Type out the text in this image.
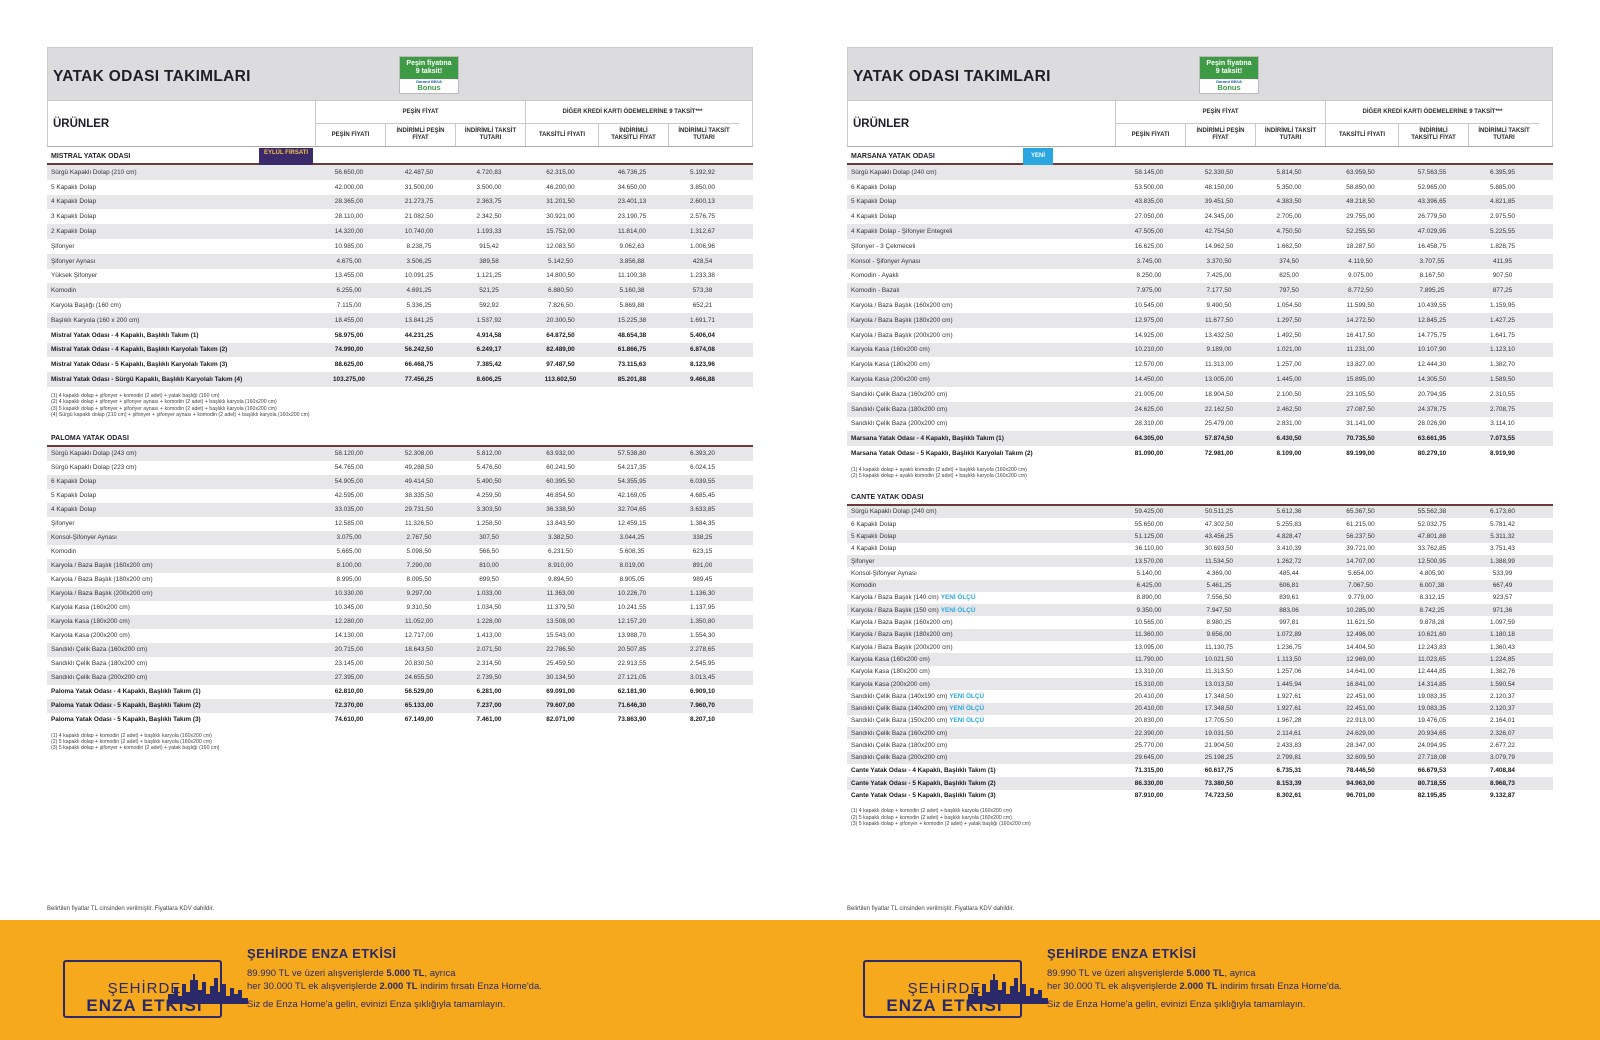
YATAK ODASI TAKIMLARI
Peşin fiyatına
9 taksit!
Garanti BBVA
Bonus
ÜRÜNLER
PEŞİN FİYAT	DİĞER KREDİ KARTI ÖDEMELERİNE 9 TAKSİT***
PEŞİN FİYATI
İNDİRİMLİ PEŞİN FİYAT
İNDİRİMLİ TAKSİT TUTARI
TAKSİTLİ FİYATI
İNDİRİMLİ TAKSİTLİ FİYAT
İNDİRİMLİ TAKSİT TUTARI
MISTRAL YATAK ODASI	EYLÜL FIRSATI
Sürgü Kapaklı Dolap (210 cm)	56.650,00	42.487,50	4.720,83	62.315,00	46.736,25	5.192,92
5 Kapaklı Dolap	42.000,00	31.500,00	3.500,00	46.200,00	34.650,00	3.850,00
4 Kapaklı Dolap	28.365,00	21.273,75	2.363,75	31.201,50	23.401,13	2.600,13
3 Kapaklı Dolap	28.110,00	21.082,50	2.342,50	30.921,00	23.190,75	2.576,75
2 Kapaklı Dolap	14.320,00	10.740,00	1.193,33	15.752,00	11.814,00	1.312,67
Şifonyer	10.985,00	8.238,75	915,42	12.083,50	9.062,63	1.006,96
Şifonyer Aynası	4.675,00	3.506,25	389,58	5.142,50	3.856,88	428,54
Yüksek Şifonyer	13.455,00	10.091,25	1.121,25	14.800,50	11.100,38	1.233,38
Komodin	6.255,00	4.691,25	521,25	6.880,50	5.160,38	573,38
Karyola Başlığı (160 cm)	7.115,00	5.336,25	592,92	7.826,50	5.869,88	652,21
Başlıklı Karyola (160 x 200 cm)	18.455,00	13.841,25	1.537,92	20.300,50	15.225,38	1.691,71
Mistral Yatak Odası - 4 Kapaklı, Başlıklı Takım (1)	58.975,00	44.231,25	4.914,58	64.872,50	48.654,38	5.406,04
Mistral Yatak Odası - 4 Kapaklı, Başlıklı Karyolalı Takım (2)	74.990,00	56.242,50	6.249,17	82.489,00	61.866,75	6.874,08
Mistral Yatak Odası - 5 Kapaklı, Başlıklı Karyolalı Takım (3)	88.625,00	66.468,75	7.385,42	97.487,50	73.115,63	8.123,96
Mistral Yatak Odası - Sürgü Kapaklı, Başlıklı Karyolalı Takım (4)	103.275,00	77.456,25	8.606,25	113.602,50	85.201,88	9.466,88
(1) 4 kapaklı dolap + şifonyer + komodin (2 adet) + yatak başlığı (160 cm)
(2) 4 kapaklı dolap + şifonyer + şifonyer aynası + komodin (2 adet) + başlıklı karyola (160x200 cm)
(3) 5 kapaklı dolap + şifonyer + şifonyer aynası + komodin (2 adet) + başlıklı karyola (160x200 cm)
(4) Sürgü kapaklı dolap (210 cm) + şifonyer + şifonyer aynası + komodin (2 adet) + başlıklı karyola (160x200 cm)
PALOMA YATAK ODASI
Sürgü Kapaklı Dolap (243 cm)	58.120,00	52.308,00	5.812,00	63.932,00	57.538,80	6.393,20
Sürgü Kapaklı Dolap (223 cm)	54.765,00	49.288,50	5.476,50	60.241,50	54.217,35	6.024,15
6 Kapaklı Dolap	54.905,00	49.414,50	5.490,50	60.395,50	54.355,95	6.039,55
5 Kapaklı Dolap	42.595,00	38.335,50	4.259,50	46.854,50	42.169,05	4.685,45
4 Kapaklı Dolap	33.035,00	29.731,50	3.303,50	36.338,50	32.704,65	3.633,85
Şifonyer	12.585,00	11.326,50	1.258,50	13.843,50	12.459,15	1.384,35
Konsol-Şifonyer Aynası	3.075,00	2.767,50	307,50	3.382,50	3.044,25	338,25
Komodin	5.665,00	5.098,50	566,50	6.231,50	5.608,35	623,15
Karyola / Baza Başlık (160x200 cm)	8.100,00	7.290,00	810,00	8.910,00	8.019,00	891,00
Karyola / Baza Başlık (180x200 cm)	8.995,00	8.095,50	899,50	9.894,50	8.905,05	989,45
Karyola / Baza Başlık (200x200 cm)	10.330,00	9.297,00	1.033,00	11.363,00	10.226,70	1.136,30
Karyola Kasa (160x200 cm)	10.345,00	9.310,50	1.034,50	11.379,50	10.241,55	1.137,95
Karyola Kasa (180x200 cm)	12.280,00	11.052,00	1.228,00	13.508,00	12.157,20	1.350,80
Karyola Kasa (200x200 cm)	14.130,00	12.717,00	1.413,00	15.543,00	13.988,70	1.554,30
Sandıklı Çelik Baza (160x200 cm)	20.715,00	18.643,50	2.071,50	22.786,50	20.507,85	2.278,65
Sandıklı Çelik Baza (180x200 cm)	23.145,00	20.830,50	2.314,50	25.459,50	22.913,55	2.545,95
Sandıklı Çelik Baza (200x200 cm)	27.395,00	24.655,50	2.739,50	30.134,50	27.121,05	3.013,45
Paloma Yatak Odası - 4 Kapaklı, Başlıklı Takım (1)	62.810,00	56.529,00	6.281,00	69.091,00	62.181,90	6.909,10
Paloma Yatak Odası - 5 Kapaklı, Başlıklı Takım (2)	72.370,00	65.133,00	7.237,00	79.607,00	71.646,30	7.960,70
Paloma Yatak Odası - 5 Kapaklı, Başlıklı Takım (3)	74.610,00	67.149,00	7.461,00	82.071,00	73.863,90	8.207,10
(1) 4 kapaklı dolap + komodin (2 adet) + başlıklı karyola (160x200 cm)
(2) 5 kapaklı dolap + komodin (2 adet) + başlıklı karyola (160x200 cm)
(3) 5 kapaklı dolap + şifonyer + komodin (2 adet) + yatak başlığı (160 cm)
Belirtilen fiyatlar TL cinsinden verilmiştir. Fiyatlara KDV dahildir.
ŞEHİRDE
ENZA ETKİSİ
ŞEHİRDE ENZA ETKİSİ
89.990 TL ve üzeri alışverişlerde 5.000 TL, ayrıca
her 30.000 TL ek alışverişlerde 2.000 TL indirim fırsatı Enza Home'da.
Siz de Enza Home'a gelin, evinizi Enza şıklığıyla tamamlayın.
YATAK ODASI TAKIMLARI
Peşin fiyatına
9 taksit!
Garanti BBVA
Bonus
ÜRÜNLER
PEŞİN FİYAT	DİĞER KREDİ KARTI ÖDEMELERİNE 9 TAKSİT***
PEŞİN FİYATI
İNDİRİMLİ PEŞİN FİYAT
İNDİRİMLİ TAKSİT TUTARI
TAKSİTLİ FİYATI
İNDİRİMLİ TAKSİTLİ FİYAT
İNDİRİMLİ TAKSİT TUTARI
MARSANA YATAK ODASI	YENİ
Sürgü Kapaklı Dolap (240 cm)	58.145,00	52.330,50	5.814,50	63.959,50	57.563,55	6.395,95
6 Kapaklı Dolap	53.500,00	48.150,00	5.350,00	58.850,00	52.965,00	5.885,00
5 Kapaklı Dolap	43.835,00	39.451,50	4.383,50	48.218,50	43.396,65	4.821,85
4 Kapaklı Dolap	27.050,00	24.345,00	2.705,00	29.755,00	26.779,50	2.975,50
4 Kapaklı Dolap - Şifonyer Entegreli	47.505,00	42.754,50	4.750,50	52.255,50	47.029,95	5.225,55
Şifonyer - 3 Çekmeceli	16.625,00	14.962,50	1.662,50	18.287,50	16.458,75	1.828,75
Konsol - Şifonyer Aynası	3.745,00	3.370,50	374,50	4.119,50	3.707,55	411,95
Komodin - Ayaklı	8.250,00	7.425,00	825,00	9.075,00	8.167,50	907,50
Komodin - Bazalı	7.975,00	7.177,50	797,50	8.772,50	7.895,25	877,25
Karyola / Baza Başlık (160x200 cm)	10.545,00	9.490,50	1.054,50	11.599,50	10.439,55	1.159,95
Karyola / Baza Başlık (180x200 cm)	12.975,00	11.677,50	1.297,50	14.272,50	12.845,25	1.427,25
Karyola / Baza Başlık (200x200 cm)	14.925,00	13.432,50	1.492,50	16.417,50	14.775,75	1.641,75
Karyola Kasa (160x200 cm)	10.210,00	9.189,00	1.021,00	11.231,00	10.107,90	1.123,10
Karyola Kasa (180x200 cm)	12.570,00	11.313,00	1.257,00	13.827,00	12.444,30	1.382,70
Karyola Kasa (200x200 cm)	14.450,00	13.005,00	1.445,00	15.895,00	14.305,50	1.589,50
Sandıklı Çelik Baza (160x200 cm)	21.005,00	18.904,50	2.100,50	23.105,50	20.794,95	2.310,55
Sandıklı Çelik Baza (180x200 cm)	24.625,00	22.162,50	2.462,50	27.087,50	24.378,75	2.708,75
Sandıklı Çelik Baza (200x200 cm)	28.310,00	25.479,00	2.831,00	31.141,00	28.026,90	3.114,10
Marsana Yatak Odası - 4 Kapaklı, Başlıklı Takım (1)	64.305,00	57.874,50	6.430,50	70.735,50	63.661,95	7.073,55
Marsana Yatak Odası - 5 Kapaklı, Başlıklı Karyolalı Takım (2)	81.090,00	72.981,00	8.109,00	89.199,00	80.279,10	8.919,90
(1) 4 kapaklı dolap + ayaklı komodin (2 adet) + başlıklı karyola (160x200 cm)
(2) 5 kapaklı dolap + ayaklı komodin (2 adet) + başlıklı karyola (160x200 cm)
CANTE YATAK ODASI
Sürgü Kapaklı Dolap (240 cm)	59.425,00	50.511,25	5.612,36	65.367,50	55.562,38	6.173,60
6 Kapaklı Dolap	55.650,00	47.302,50	5.255,83	61.215,00	52.032,75	5.781,42
5 Kapaklı Dolap	51.125,00	43.456,25	4.828,47	56.237,50	47.801,88	5.311,32
4 Kapaklı Dolap	36.110,00	30.693,50	3.410,39	39.721,00	33.762,85	3.751,43
Şifonyer	13.570,00	11.534,50	1.262,72	14.707,00	12.500,95	1.388,99
Konsol-Şifonyer Aynası	5.140,00	4.369,00	485,44	5.654,00	4.805,90	533,99
Komodin	6.425,00	5.461,25	606,81	7.067,50	6.007,38	667,49
Karyola / Baza Başlık (140 cm) YENİ ÖLÇÜ	8.890,00	7.556,50	839,61	9.779,00	8.312,15	923,57
Karyola / Baza Başlık (150 cm) YENİ ÖLÇÜ	9.350,00	7.947,50	883,06	10.285,00	8.742,25	971,36
Karyola / Baza Başlık (160x200 cm)	10.565,00	8.980,25	997,81	11.621,50	9.878,28	1.097,59
Karyola / Baza Başlık (180x200 cm)	11.360,00	9.656,00	1.072,89	12.496,00	10.621,60	1.180,18
Karyola / Baza Başlık (200x200 cm)	13.095,00	11.130,75	1.236,75	14.404,50	12.243,83	1.360,43
Karyola Kasa (160x200 cm)	11.790,00	10.021,50	1.113,50	12.969,00	11.023,65	1.224,85
Karyola Kasa (180x200 cm)	13.310,00	11.313,50	1.257,06	14.641,00	12.444,85	1.382,76
Karyola Kasa (200x200 cm)	15.310,00	13.013,50	1.445,94	16.841,00	14.314,85	1.590,54
Sandıklı Çelik Baza (140x190 cm) YENİ ÖLÇÜ	20.410,00	17.348,50	1.927,61	22.451,00	19.083,35	2.120,37
Sandıklı Çelik Baza (140x200 cm) YENİ ÖLÇÜ	20.410,00	17.348,50	1.927,61	22.451,00	19.083,35	2.120,37
Sandıklı Çelik Baza (150x200 cm) YENİ ÖLÇÜ	20.830,00	17.705,50	1.967,28	22.913,00	19.476,05	2.164,01
Sandıklı Çelik Baza (160x200 cm)	22.390,00	19.031,50	2.114,61	24.629,00	20.934,65	2.326,07
Sandıklı Çelik Baza (180x200 cm)	25.770,00	21.904,50	2.433,83	28.347,00	24.094,95	2.677,22
Sandıklı Çelik Baza (200x200 cm)	29.645,00	25.198,25	2.799,81	32.609,50	27.718,08	3.079,79
Cante Yatak Odası - 4 Kapaklı, Başlıklı Takım (1)	71.315,00	60.617,75	6.735,31	78.446,50	66.679,53	7.408,84
Cante Yatak Odası - 5 Kapaklı, Başlıklı Takım (2)	86.330,00	73.380,50	8.153,39	94.963,00	80.718,55	8.968,73
Cante Yatak Odası - 5 Kapaklı, Başlıklı Takım (3)	87.910,00	74.723,50	8.302,61	96.701,00	82.195,85	9.132,87
(1) 4 kapaklı dolap + komodin (2 adet) + başlıklı karyola (160x200 cm)
(2) 5 kapaklı dolap + komodin (2 adet) + başlıklı karyola (160x200 cm)
(3) 5 kapaklı dolap + şifonyer + komodin (2 adet) + yatak başlığı (160x200 cm)
Belirtilen fiyatlar TL cinsinden verilmiştir. Fiyatlara KDV dahildir.
ŞEHİRDE
ENZA ETKİSİ
ŞEHİRDE ENZA ETKİSİ
89.990 TL ve üzeri alışverişlerde 5.000 TL, ayrıca
her 30.000 TL ek alışverişlerde 2.000 TL indirim fırsatı Enza Home'da.
Siz de Enza Home'a gelin, evinizi Enza şıklığıyla tamamlayın.
